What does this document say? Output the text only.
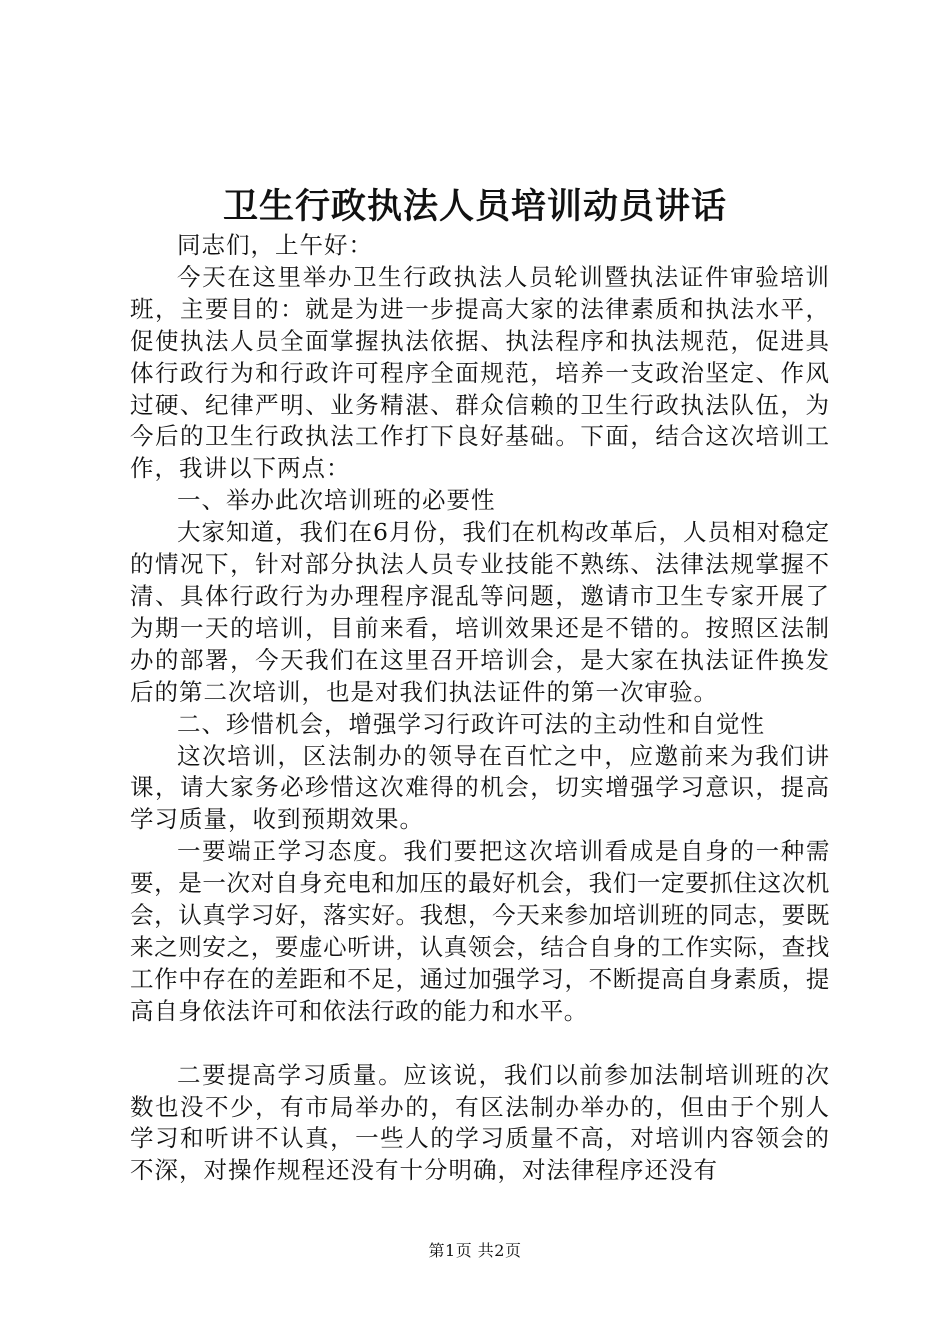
卫生行政执法人员培训动员讲话

同志们，上午好：

今天在这里举办卫生行政执法人员轮训暨执法证件审验培训班，主要目的：就是为进一步提高大家的法律素质和执法水平，促使执法人员全面掌握执法依据、执法程序和执法规范，促进具体行政行为和行政许可程序全面规范，培养一支政治坚定、作风过硬、纪律严明、业务精湛、群众信赖的卫生行政执法队伍，为今后的卫生行政执法工作打下良好基础。下面，结合这次培训工作，我讲以下两点：

一、举办此次培训班的必要性

大家知道，我们在6月份，我们在机构改革后，人员相对稳定的情况下，针对部分执法人员专业技能不熟练、法律法规掌握不清、具体行政行为办理程序混乱等问题，邀请市卫生专家开展了为期一天的培训，目前来看，培训效果还是不错的。按照区法制办的部署，今天我们在这里召开培训会，是大家在执法证件换发后的第二次培训，也是对我们执法证件的第一次审验。

二、珍惜机会，增强学习行政许可法的主动性和自觉性

这次培训，区法制办的领导在百忙之中，应邀前来为我们讲课，请大家务必珍惜这次难得的机会，切实增强学习意识，提高学习质量，收到预期效果。

一要端正学习态度。我们要把这次培训看成是自身的一种需要，是一次对自身充电和加压的最好机会，我们一定要抓住这次机会，认真学习好，落实好。我想，今天来参加培训班的同志，要既来之则安之，要虚心听讲，认真领会，结合自身的工作实际，查找工作中存在的差距和不足，通过加强学习，不断提高自身素质，提高自身依法许可和依法行政的能力和水平。

二要提高学习质量。应该说，我们以前参加法制培训班的次数也没不少，有市局举办的，有区法制办举办的，但由于个别人学习和听讲不认真，一些人的学习质量不高，对培训内容领会的不深，对操作规程还没有十分明确，对法律程序还没有

第1页 共2页
